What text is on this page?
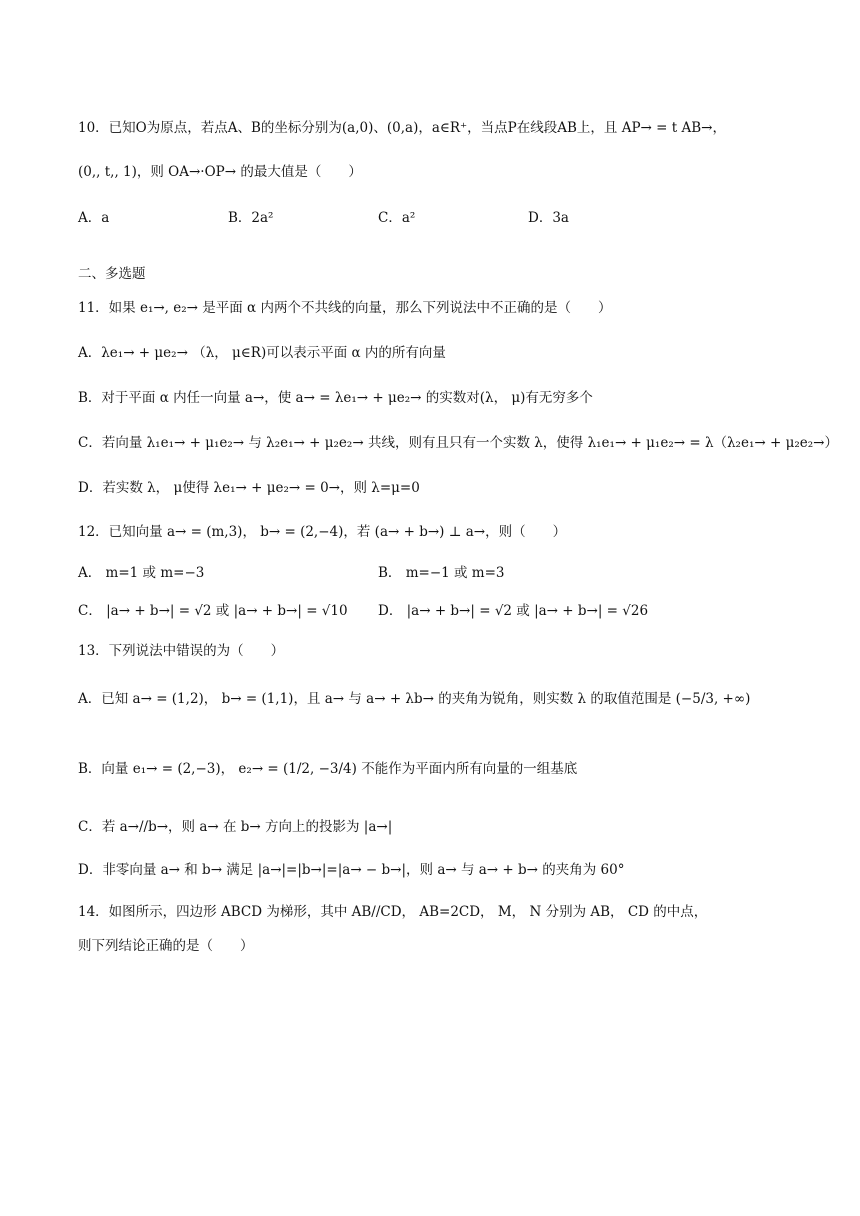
10．已知O为原点，若点A、B的坐标分别为(a,0)、(0,a)，a∈R⁺，当点P在线段AB上，且 AP→ = t AB→，
(0,, t,, 1)，则 OA→·OP→ 的最大值是（　　）
A．a	B．2a²	C．a²	D．3a
二、多选题
11．如果 e₁→, e₂→ 是平面 α 内两个不共线的向量，那么下列说法中不正确的是（　　）
A．λe₁→ + μe₂→ （λ， μ∈R)可以表示平面 α 内的所有向量
B．对于平面 α 内任一向量 a→，使 a→ = λe₁→ + μe₂→ 的实数对(λ， μ)有无穷多个
C．若向量 λ₁e₁→ + μ₁e₂→ 与 λ₂e₁→ + μ₂e₂→ 共线，则有且只有一个实数 λ，使得 λ₁e₁→ + μ₁e₂→ = λ（λ₂e₁→ + μ₂e₂→）
D．若实数 λ， μ使得 λe₁→ + μe₂→ = 0→，则 λ=μ=0
12．已知向量 a→ = (m,3)， b→ = (2,−4)，若 (a→ + b→) ⊥ a→，则（　　）
A． m=1 或 m=−3	B． m=−1 或 m=3
C． |a→ + b→| = √2 或 |a→ + b→| = √10 D． |a→ + b→| = √2 或 |a→ + b→| = √26
13．下列说法中错误的为（　　）
A．已知 a→ = (1,2)， b→ = (1,1)，且 a→ 与 a→ + λb→ 的夹角为锐角，则实数 λ 的取值范围是 (−5/3, +∞)
B．向量 e₁→ = (2,−3)， e₂→ = (1/2, −3/4) 不能作为平面内所有向量的一组基底
C．若 a→//b→，则 a→ 在 b→ 方向上的投影为 |a→|
D．非零向量 a→ 和 b→ 满足 |a→|=|b→|=|a→ − b→|，则 a→ 与 a→ + b→ 的夹角为 60°
14．如图所示，四边形 ABCD 为梯形，其中 AB//CD， AB=2CD， M， N 分别为 AB， CD 的中点，
则下列结论正确的是（　　）
